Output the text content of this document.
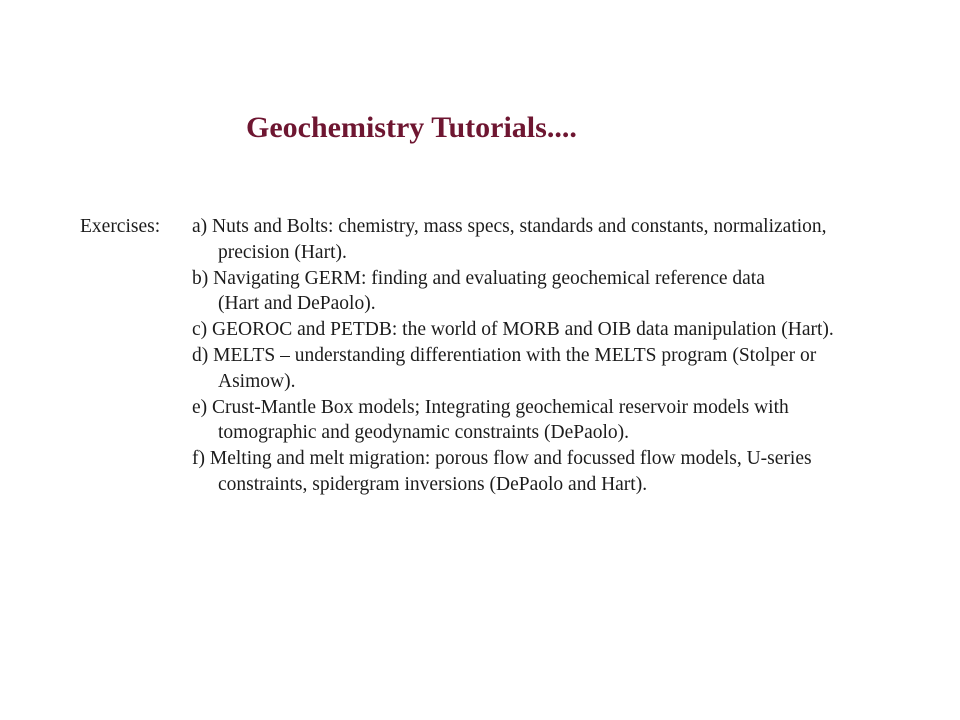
Geochemistry Tutorials....
Exercises: a) Nuts and Bolts: chemistry, mass specs, standards and constants, normalization,
precision (Hart).
b) Navigating GERM: finding and evaluating geochemical reference data
(Hart and DePaolo).
c) GEOROC and PETDB: the world of MORB and OIB data manipulation (Hart).
d) MELTS – understanding differentiation with the MELTS program (Stolper or
Asimow).
e) Crust-Mantle Box models; Integrating geochemical reservoir models with
tomographic and geodynamic constraints (DePaolo).
f) Melting and melt migration: porous flow and focussed flow models, U-series
constraints, spidergram inversions (DePaolo and Hart).
